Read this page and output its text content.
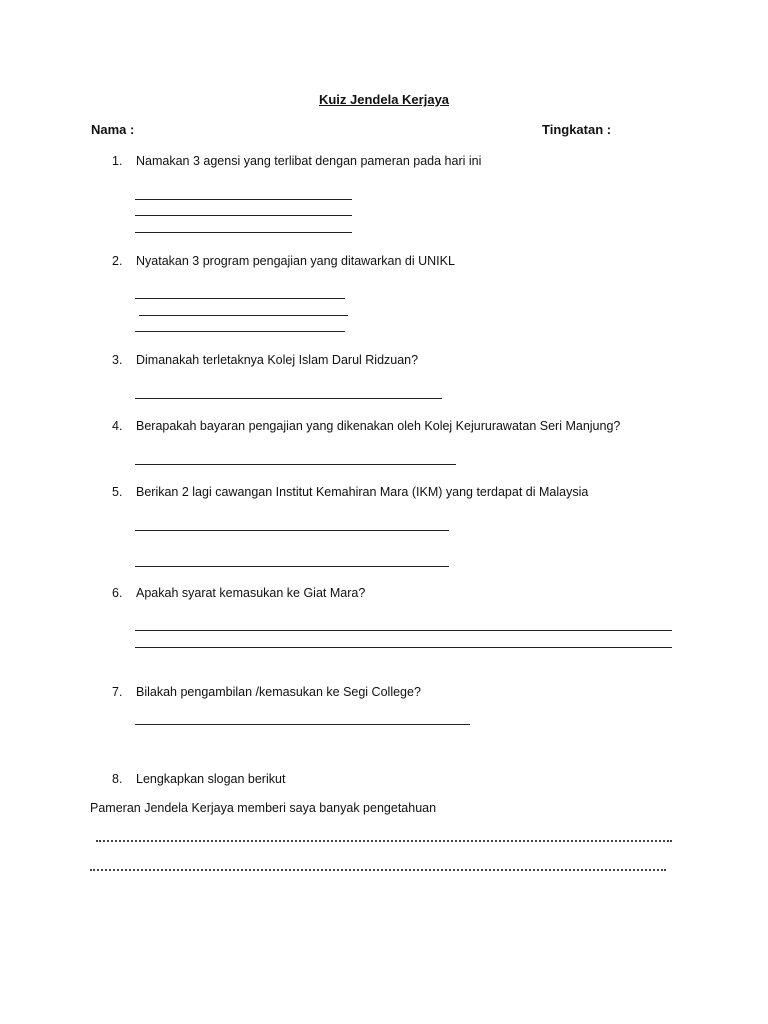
Kuiz Jendela Kerjaya
Nama :	Tingkatan :
1. Namakan 3 agensi yang terlibat dengan pameran pada hari ini
2. Nyatakan 3 program pengajian yang ditawarkan di UNIKL
3. Dimanakah terletaknya Kolej Islam Darul Ridzuan?
4. Berapakah bayaran pengajian yang dikenakan oleh Kolej Kejururawatan Seri Manjung?
5. Berikan 2 lagi cawangan Institut Kemahiran Mara (IKM) yang terdapat di Malaysia
6. Apakah syarat kemasukan ke Giat Mara?
7. Bilakah pengambilan /kemasukan ke Segi College?
8. Lengkapkan slogan berikut
Pameran Jendela Kerjaya memberi saya banyak pengetahuan
